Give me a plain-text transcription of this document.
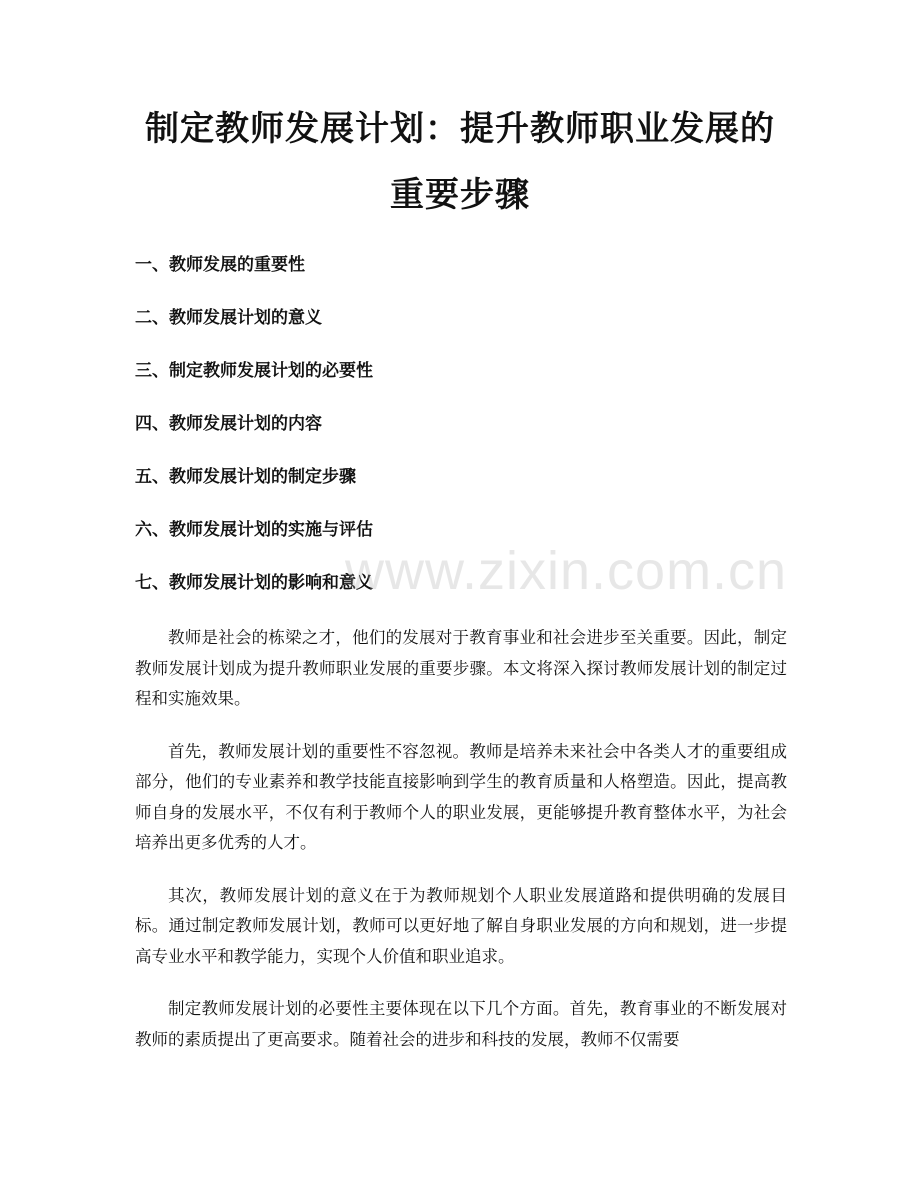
制定教师发展计划：提升教师职业发展的重要步骤
一、教师发展的重要性
二、教师发展计划的意义
三、制定教师发展计划的必要性
四、教师发展计划的内容
五、教师发展计划的制定步骤
六、教师发展计划的实施与评估
七、教师发展计划的影响和意义
www.zixin.com.cn

教师是社会的栋梁之才，他们的发展对于教育事业和社会进步至关重要。因此，制定教师发展计划成为提升教师职业发展的重要步骤。本文将深入探讨教师发展计划的制定过程和实施效果。

首先，教师发展计划的重要性不容忽视。教师是培养未来社会中各类人才的重要组成部分，他们的专业素养和教学技能直接影响到学生的教育质量和人格塑造。因此，提高教师自身的发展水平，不仅有利于教师个人的职业发展，更能够提升教育整体水平，为社会培养出更多优秀的人才。

其次，教师发展计划的意义在于为教师规划个人职业发展道路和提供明确的发展目标。通过制定教师发展计划，教师可以更好地了解自身职业发展的方向和规划，进一步提高专业水平和教学能力，实现个人价值和职业追求。

制定教师发展计划的必要性主要体现在以下几个方面。首先，教育事业的不断发展对教师的素质提出了更高要求。随着社会的进步和科技的发展，教师不仅需要
